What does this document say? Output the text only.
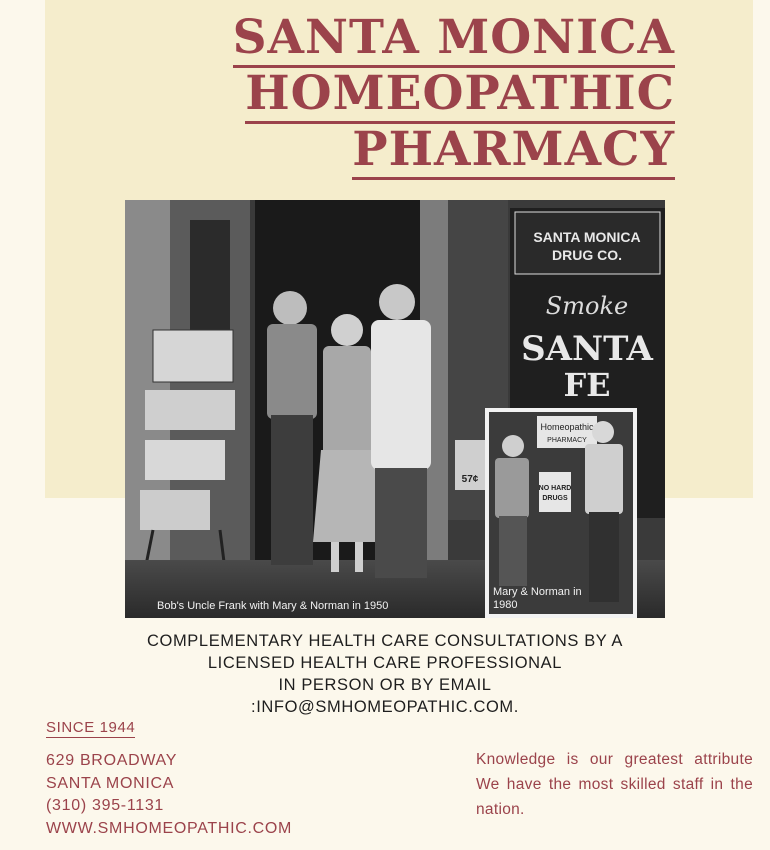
SANTA MONICA
HOMEOPATHIC
PHARMACY
57¢
SANTA MONICA DRUG CO.
Smoke
SANTA
FE
Homeopathic
PHARMACY
NO HARD
DRUGS
Bob's Uncle Frank with Mary & Norman in 1950
Mary & Norman in 1980
COMPLEMENTARY HEALTH CARE CONSULTATIONS BY A
LICENSED HEALTH CARE PROFESSIONAL
IN PERSON OR BY EMAIL
:INFO@SMHOMEOPATHIC.COM.
SINCE 1944
629 BROADWAY
SANTA MONICA
(310) 395-1131
WWW.SMHOMEOPATHIC.COM
Knowledge is our greatest attribute We have the most skilled staff in the nation.
